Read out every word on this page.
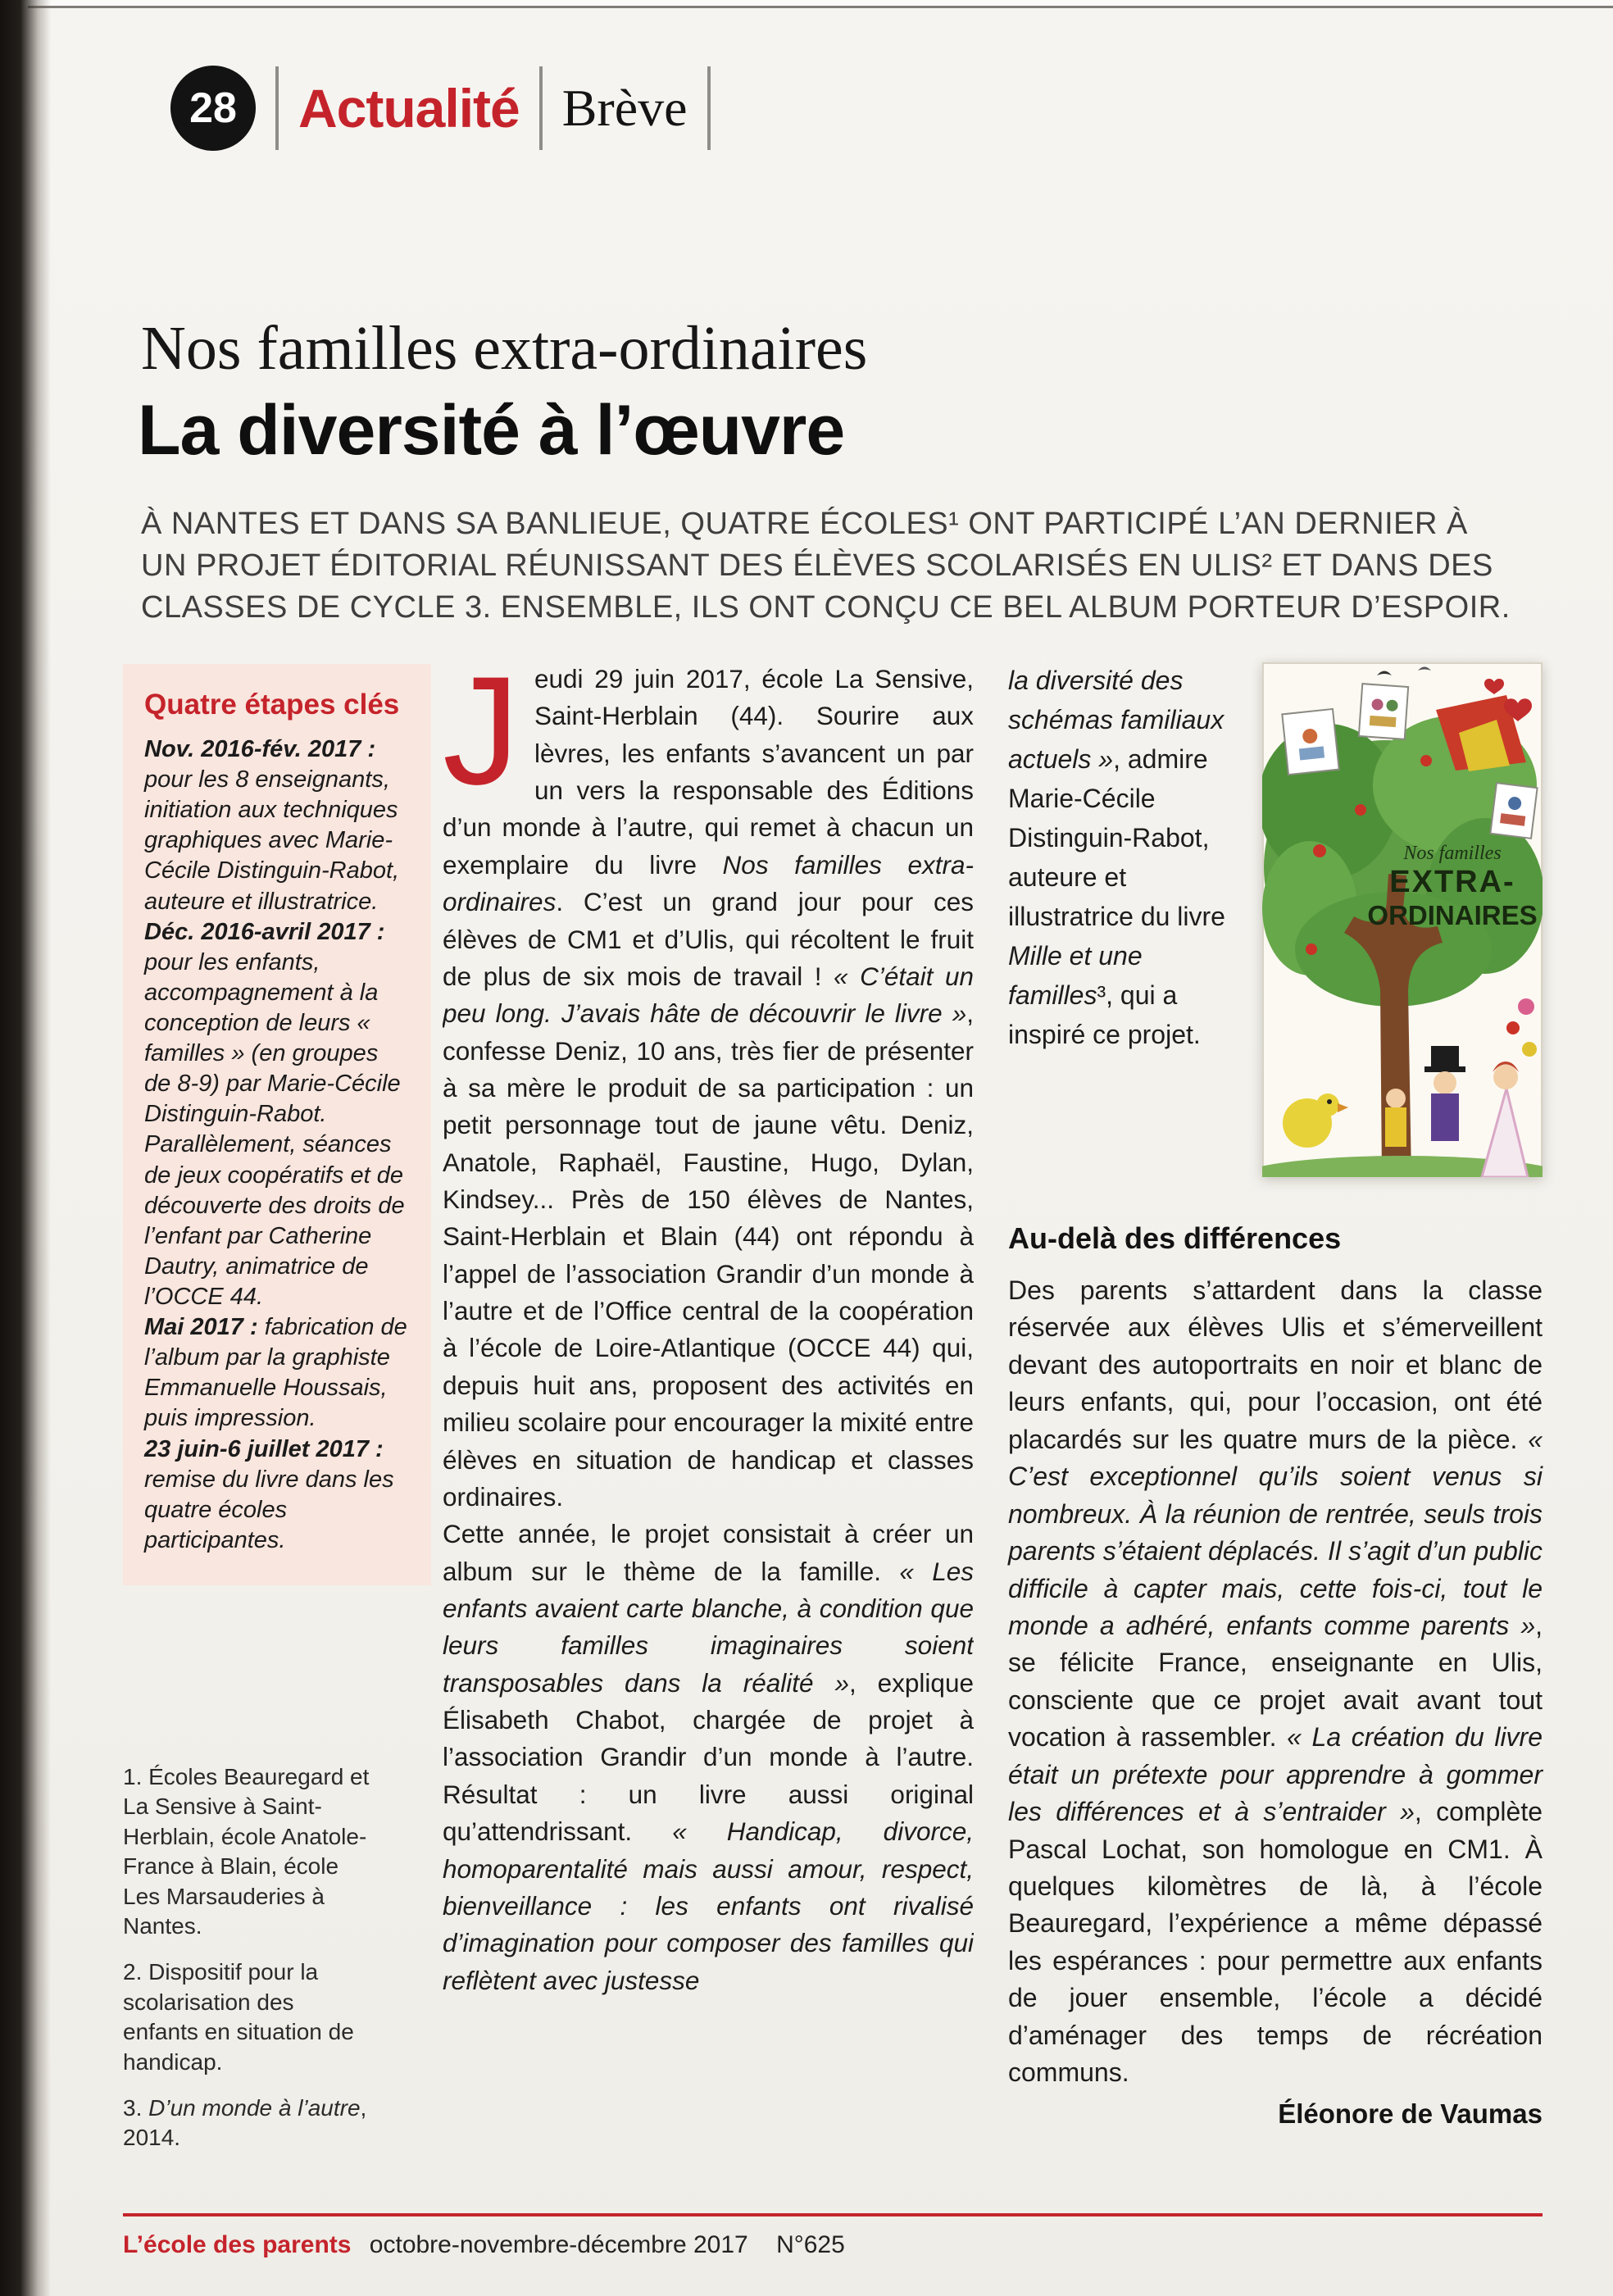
28 Actualité Brève
Nos familles extra-ordinaires
La diversité à l’œuvre
À NANTES ET DANS SA BANLIEUE, QUATRE ÉCOLES¹ ONT PARTICIPÉ L’AN DERNIER À UN PROJET ÉDITORIAL RÉUNISSANT DES ÉLÈVES SCOLARISÉS EN ULIS² ET DANS DES CLASSES DE CYCLE 3. ENSEMBLE, ILS ONT CONÇU CE BEL ALBUM PORTEUR D’ESPOIR.
Quatre étapes clés
Nov. 2016-fév. 2017 : pour les 8 enseignants, initiation aux techniques graphiques avec Marie-Cécile Distinguin-Rabot, auteure et illustratrice.
Déc. 2016-avril 2017 : pour les enfants, accompagnement à la conception de leurs « familles » (en groupes de 8-9) par Marie-Cécile Distinguin-Rabot. Parallèlement, séances de jeux coopératifs et de découverte des droits de l’enfant par Catherine Dautry, animatrice de l’OCCE 44.
Mai 2017 : fabrication de l’album par la graphiste Emmanuelle Houssais, puis impression.
23 juin-6 juillet 2017 : remise du livre dans les quatre écoles participantes.
1. Écoles Beauregard et La Sensive à Saint-Herblain, école Anatole-France à Blain, école Les Marsauderies à Nantes.
2. Dispositif pour la scolarisation des enfants en situation de handicap.
3. D’un monde à l’autre, 2014.

Jeudi 29 juin 2017, école La Sensive, Saint-Herblain (44). Sourire aux lèvres, les enfants s’avancent un par un vers la responsable des Éditions d’un monde à l’autre, qui remet à chacun un exemplaire du livre Nos familles extra-ordinaires. C’est un grand jour pour ces élèves de CM1 et d’Ulis, qui récoltent le fruit de plus de six mois de travail ! « C’était un peu long. J’avais hâte de découvrir le livre », confesse Deniz, 10 ans, très fier de présenter à sa mère le produit de sa participation : un petit personnage tout de jaune vêtu. Deniz, Anatole, Raphaël, Faustine, Hugo, Dylan, Kindsey... Près de 150 élèves de Nantes, Saint-Herblain et Blain (44) ont répondu à l’appel de l’association Grandir d’un monde à l’autre et de l’Office central de la coopération à l’école de Loire-Atlantique (OCCE 44) qui, depuis huit ans, proposent des activités en milieu scolaire pour encourager la mixité entre élèves en situation de handicap et classes ordinaires.

Cette année, le projet consistait à créer un album sur le thème de la famille. « Les enfants avaient carte blanche, à condition que leurs familles imaginaires soient transposables dans la réalité », explique Élisabeth Chabot, chargée de projet à l’association Grandir d’un monde à l’autre. Résultat : un livre aussi original qu’attendrissant. « Handicap, divorce, homoparentalité mais aussi amour, respect, bienveillance : les enfants ont rivalisé d’imagination pour composer des familles qui reflètent avec justesse

la diversité des schémas familiaux actuels », admire Marie-Cécile Distinguin-Rabot, auteure et illustratrice du livre Mille et une familles³, qui a inspiré ce projet.
Nos familles
EXTRA-
ORDINAIRES
Au-delà des différences

Des parents s’attardent dans la classe réservée aux élèves Ulis et s’émerveillent devant des autoportraits en noir et blanc de leurs enfants, qui, pour l’occasion, ont été placardés sur les quatre murs de la pièce. « C’est exceptionnel qu’ils soient venus si nombreux. À la réunion de rentrée, seuls trois parents s’étaient déplacés. Il s’agit d’un public difficile à capter mais, cette fois-ci, tout le monde a adhéré, enfants comme parents », se félicite France, enseignante en Ulis, consciente que ce projet avait avant tout vocation à rassembler. « La création du livre était un prétexte pour apprendre à gommer les différences et à s’entraider », complète Pascal Lochat, son homologue en CM1. À quelques kilomètres de là, à l’école Beauregard, l’expérience a même dépassé les espérances : pour permettre aux enfants de jouer ensemble, l’école a décidé d’aménager des temps de récréation communs.

Éléonore de Vaumas
L’école des parents octobre-novembre-décembre 2017 N°625
